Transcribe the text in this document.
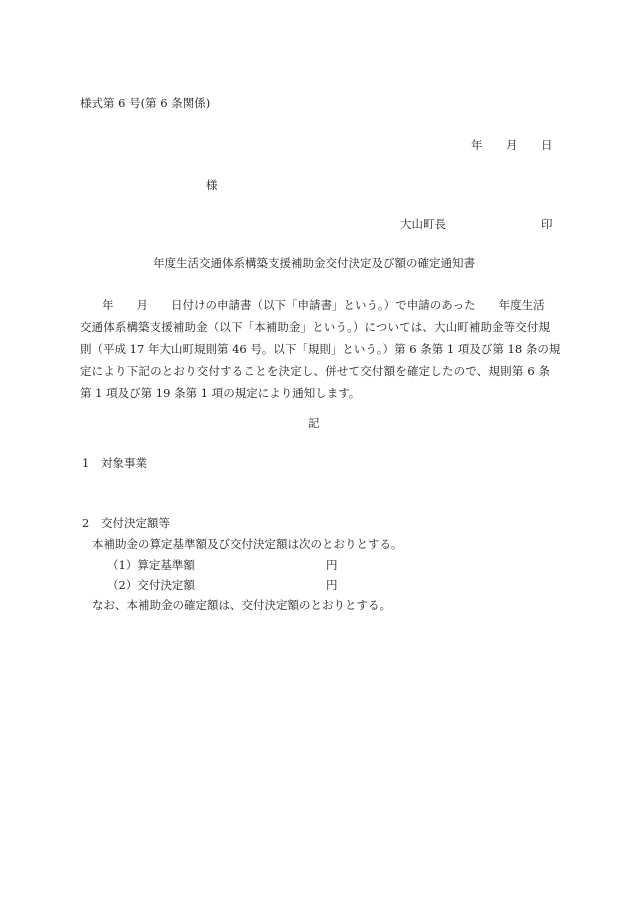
様式第 6 号(第 6 条関係)
年 月 日
様
大山町長	印
年度生活交通体系構築支援補助金交付決定及び額の確定通知書
年　　月　　日付けの申請書（以下「申請書」という。）で申請のあった　　年度生活
交通体系構築支援補助金（以下「本補助金」という。）については、大山町補助金等交付規
則（平成 17 年大山町規則第 46 号。以下「規則」という。）第 6 条第 1 項及び第 18 条の規
定により下記のとおり交付することを決定し、併せて交付額を確定したので、規則第 6 条
第 1 項及び第 19 条第 1 項の規定により通知します。
記
1 対象事業
2 交付決定額等
本補助金の算定基準額及び交付決定額は次のとおりとする。
（1）算定基準額	円
（2）交付決定額	円
なお、本補助金の確定額は、交付決定額のとおりとする。
